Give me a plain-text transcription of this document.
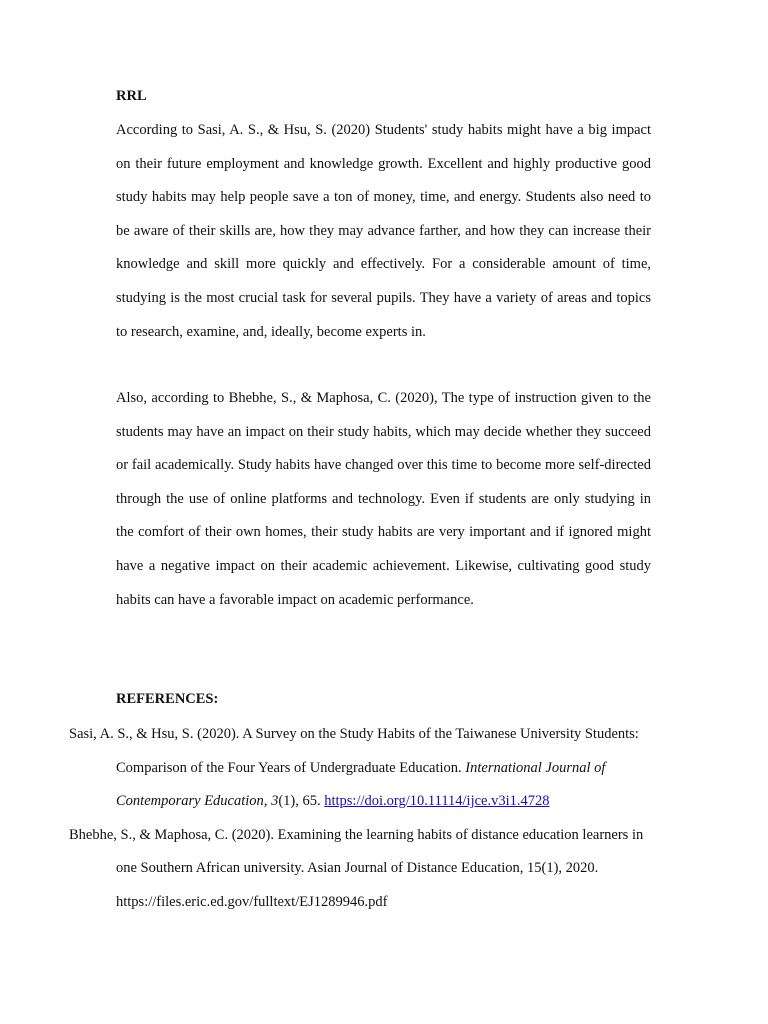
RRL

According to Sasi, A. S., & Hsu, S. (2020) Students' study habits might have a big impact on their future employment and knowledge growth. Excellent and highly productive good study habits may help people save a ton of money, time, and energy. Students also need to be aware of their skills are, how they may advance farther, and how they can increase their knowledge and skill more quickly and effectively. For a considerable amount of time, studying is the most crucial task for several pupils. They have a variety of areas and topics to research, examine, and, ideally, become experts in.

Also, according to Bhebhe, S., & Maphosa, C. (2020), The type of instruction given to the students may have an impact on their study habits, which may decide whether they succeed or fail academically. Study habits have changed over this time to become more self-directed through the use of online platforms and technology. Even if students are only studying in the comfort of their own homes, their study habits are very important and if ignored might have a negative impact on their academic achievement. Likewise, cultivating good study habits can have a favorable impact on academic performance.

REFERENCES:

Sasi, A. S., & Hsu, S. (2020). A Survey on the Study Habits of the Taiwanese University Students: Comparison of the Four Years of Undergraduate Education. International Journal of Contemporary Education, 3(1), 65. https://doi.org/10.11114/ijce.v3i1.4728

Bhebhe, S., & Maphosa, C. (2020). Examining the learning habits of distance education learners in one Southern African university. Asian Journal of Distance Education, 15(1), 2020. https://files.eric.ed.gov/fulltext/EJ1289946.pdf
